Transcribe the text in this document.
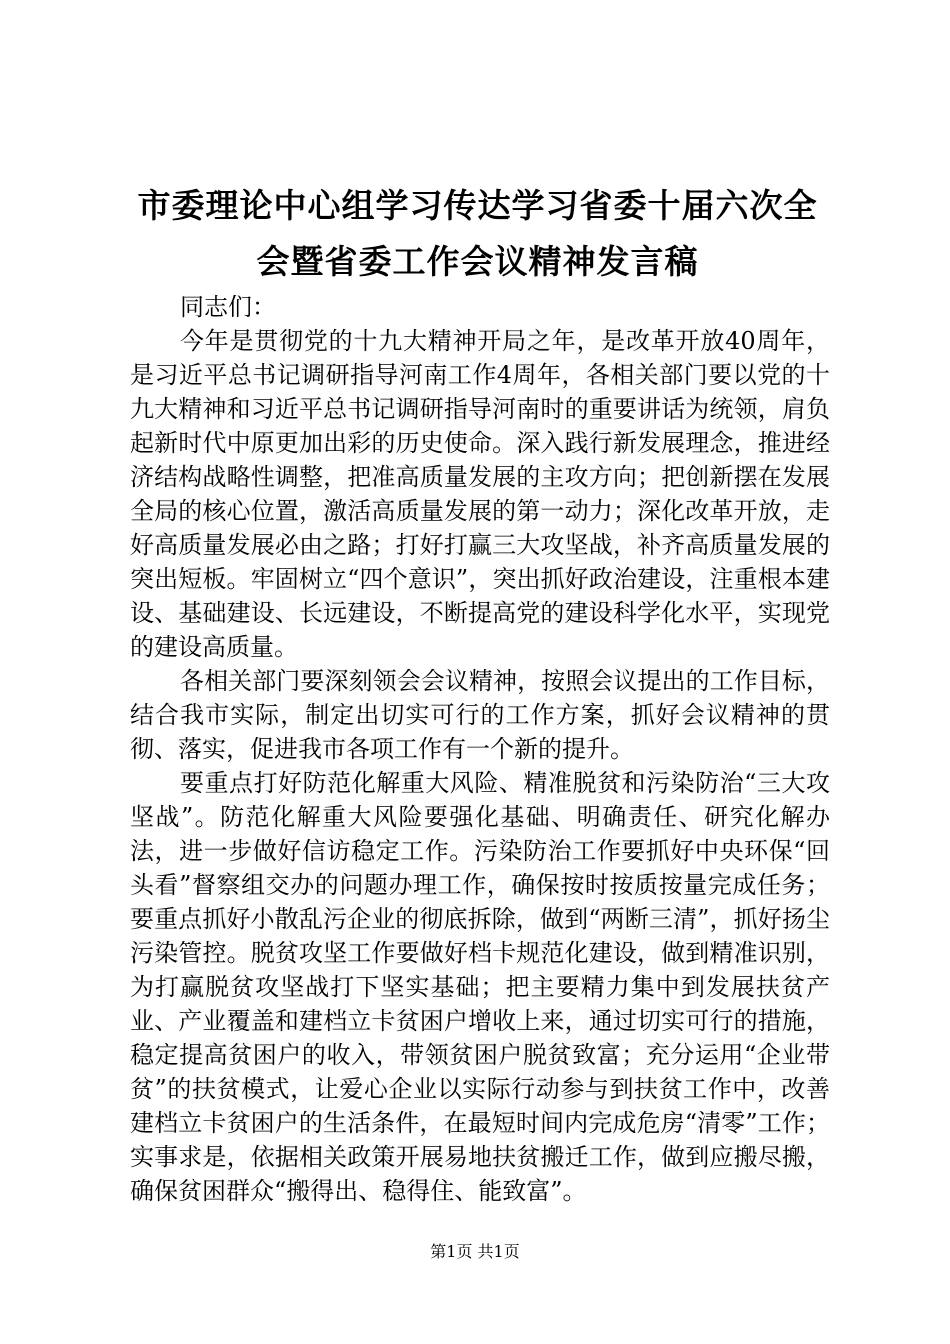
市委理论中心组学习传达学习省委十届六次全
会暨省委工作会议精神发言稿

同志们：

今年是贯彻党的十九大精神开局之年，是改革开放40周年，是习近平总书记调研指导河南工作4周年，各相关部门要以党的十九大精神和习近平总书记调研指导河南时的重要讲话为统领，肩负起新时代中原更加出彩的历史使命。深入践行新发展理念，推进经济结构战略性调整，把准高质量发展的主攻方向；把创新摆在发展全局的核心位置，激活高质量发展的第一动力；深化改革开放，走好高质量发展必由之路；打好打赢三大攻坚战，补齐高质量发展的突出短板。牢固树立“四个意识”，突出抓好政治建设，注重根本建设、基础建设、长远建设，不断提高党的建设科学化水平，实现党的建设高质量。

各相关部门要深刻领会会议精神，按照会议提出的工作目标，结合我市实际，制定出切实可行的工作方案，抓好会议精神的贯彻、落实，促进我市各项工作有一个新的提升。

要重点打好防范化解重大风险、精准脱贫和污染防治“三大攻坚战”。防范化解重大风险要强化基础、明确责任、研究化解办法，进一步做好信访稳定工作。污染防治工作要抓好中央环保“回头看”督察组交办的问题办理工作，确保按时按质按量完成任务；要重点抓好小散乱污企业的彻底拆除，做到“两断三清”，抓好扬尘污染管控。脱贫攻坚工作要做好档卡规范化建设，做到精准识别，为打赢脱贫攻坚战打下坚实基础；把主要精力集中到发展扶贫产业、产业覆盖和建档立卡贫困户增收上来，通过切实可行的措施，稳定提高贫困户的收入，带领贫困户脱贫致富；充分运用“企业带贫”的扶贫模式，让爱心企业以实际行动参与到扶贫工作中，改善建档立卡贫困户的生活条件，在最短时间内完成危房“清零”工作；实事求是，依据相关政策开展易地扶贫搬迁工作，做到应搬尽搬，确保贫困群众“搬得出、稳得住、能致富”。

第1页 共1页
